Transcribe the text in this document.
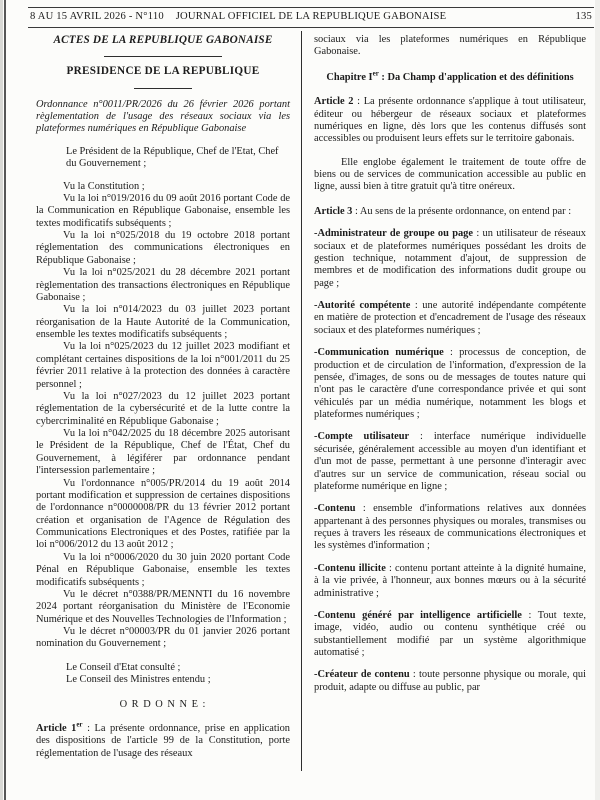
JOURNAL OFFICIEL DE LA REPUBLIQUE GABONAISE
8 AU 15 AVRIL 2026 - N°110	135
ACTES DE LA REPUBLIQUE GABONAISE
PRESIDENCE DE LA REPUBLIQUE

Ordonnance n°0011/PR/2026 du 26 février 2026 portant règlementation de l'usage des réseaux sociaux via les plateformes numériques en République Gabonaise

Le Président de la République, Chef de l'Etat, Chef du Gouvernement ;

Vu la Constitution ;

Vu la loi n°019/2016 du 09 août 2016 portant Code de la Communication en République Gabonaise, ensemble les textes modificatifs subséquents ;

Vu la loi n°025/2018 du 19 octobre 2018 portant réglementation des communications électroniques en République Gabonaise ;

Vu la loi n°025/2021 du 28 décembre 2021 portant règlementation des transactions électroniques en République Gabonaise ;

Vu la loi n°014/2023 du 03 juillet 2023 portant réorganisation de la Haute Autorité de la Communication, ensemble les textes modificatifs subséquents ;

Vu la loi n°025/2023 du 12 juillet 2023 modifiant et complétant certaines dispositions de la loi n°001/2011 du 25 février 2011 relative à la protection des données à caractère personnel ;

Vu la loi n°027/2023 du 12 juillet 2023 portant réglementation de la cybersécurité et de la lutte contre la cybercriminalité en République Gabonaise ;

Vu la loi n°042/2025 du 18 décembre 2025 autorisant le Président de la République, Chef de l'État, Chef du Gouvernement, à légiférer par ordonnance pendant l'intersession parlementaire ;

Vu l'ordonnance n°005/PR/2014 du 19 août 2014 portant modification et suppression de certaines dispositions de l'ordonnance n°0000008/PR du 13 février 2012 portant création et organisation de l'Agence de Régulation des Communications Electroniques et des Postes, ratifiée par la loi n°006/2012 du 13 août 2012 ;

Vu la loi n°0006/2020 du 30 juin 2020 portant Code Pénal en République Gabonaise, ensemble les textes modificatifs subséquents ;

Vu le décret n°0388/PR/MENNTI du 16 novembre 2024 portant réorganisation du Ministère de l'Economie Numérique et des Nouvelles Technologies de l'Information ;

Vu le décret n°00003/PR du 01 janvier 2026 portant nomination du Gouvernement ;

Le Conseil d'Etat consulté ;

Le Conseil des Ministres entendu ;

O R D O N N E :

Article 1er : La présente ordonnance, prise en application des dispositions de l'article 99 de la Constitution, porte réglementation de l'usage des réseaux

sociaux via les plateformes numériques en République Gabonaise.

Chapitre Ier : Da Champ d'application et des définitions

Article 2 : La présente ordonnance s'applique à tout utilisateur, éditeur ou hébergeur de réseaux sociaux et plateformes numériques en ligne, dès lors que les contenus diffusés sont accessibles ou produisent leurs effets sur le territoire gabonais.

Elle englobe également le traitement de toute offre de biens ou de services de communication accessible au public en ligne, aussi bien à titre gratuit qu'à titre onéreux.

Article 3 : Au sens de la présente ordonnance, on entend par :

-Administrateur de groupe ou page : un utilisateur de réseaux sociaux et de plateformes numériques possédant les droits de gestion technique, notamment d'ajout, de suppression de membres et de modification des informations dudit groupe ou page ;

-Autorité compétente : une autorité indépendante compétente en matière de protection et d'encadrement de l'usage des réseaux sociaux et des plateformes numériques ;

-Communication numérique : processus de conception, de production et de circulation de l'information, d'expression de la pensée, d'images, de sons ou de messages de toutes nature qui n'ont pas le caractère d'une correspondance privée et qui sont véhiculés par un média numérique, notamment les blogs et plateformes numériques ;

-Compte utilisateur : interface numérique individuelle sécurisée, généralement accessible au moyen d'un identifiant et d'un mot de passe, permettant à une personne d'interagir avec d'autres sur un service de communication, réseau social ou plateforme numérique en ligne ;

-Contenu : ensemble d'informations relatives aux données appartenant à des personnes physiques ou morales, transmises ou reçues à travers les réseaux de communications électroniques et les systèmes d'information ;

-Contenu illicite : contenu portant atteinte à la dignité humaine, à la vie privée, à l'honneur, aux bonnes mœurs ou à la sécurité administrative ;

-Contenu généré par intelligence artificielle : Tout texte, image, vidéo, audio ou contenu synthétique créé ou substantiellement modifié par un système algorithmique automatisé ;

-Créateur de contenu : toute personne physique ou morale, qui produit, adapte ou diffuse au public, par
